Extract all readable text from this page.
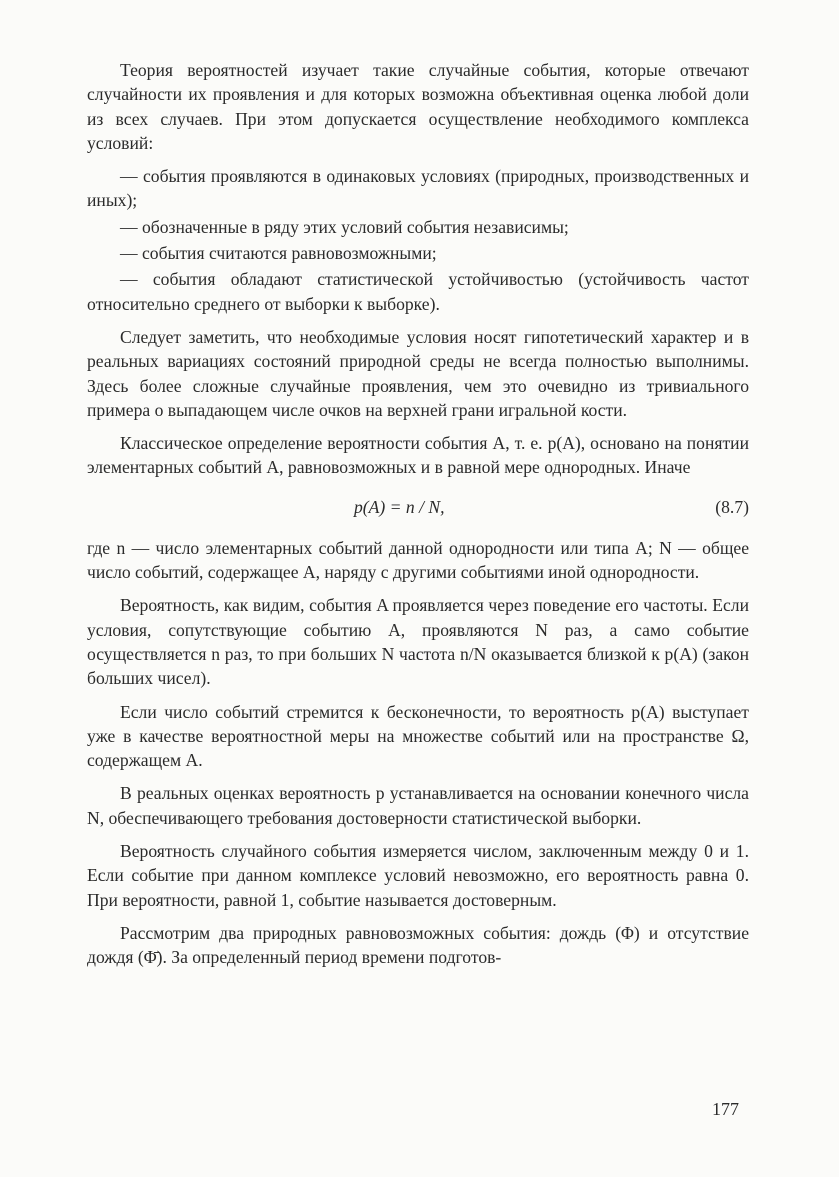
Теория вероятностей изучает такие случайные события, которые отвечают случайности их проявления и для которых возможна объективная оценка любой доли из всех случаев. При этом допускается осуществление необходимого комплекса условий:

— события проявляются в одинаковых условиях (природных, производственных и иных);

— обозначенные в ряду этих условий события независимы;

— события считаются равновозможными;

— события обладают статистической устойчивостью (устойчивость частот относительно среднего от выборки к выборке).

Следует заметить, что необходимые условия носят гипотетический характер и в реальных вариациях состояний природной среды не всегда полностью выполнимы. Здесь более сложные случайные проявления, чем это очевидно из тривиального примера о выпадающем числе очков на верхней грани игральной кости.

Классическое определение вероятности события A, т. е. p(A), основано на понятии элементарных событий A, равновозможных и в равной мере однородных. Иначе

p(A) = n / N,	(8.7)

где n — число элементарных событий данной однородности или типа A; N — общее число событий, содержащее A, наряду с другими событиями иной однородности.

Вероятность, как видим, события A проявляется через поведение его частоты. Если условия, сопутствующие событию A, проявляются N раз, а само событие осуществляется n раз, то при больших N частота n/N оказывается близкой к p(A) (закон больших чисел).

Если число событий стремится к бесконечности, то вероятность p(A) выступает уже в качестве вероятностной меры на множестве событий или на пространстве Ω, содержащем A.

В реальных оценках вероятность p устанавливается на основании конечного числа N, обеспечивающего требования достоверности статистической выборки.

Вероятность случайного события измеряется числом, заключенным между 0 и 1. Если событие при данном комплексе условий невозможно, его вероятность равна 0. При вероятности, равной 1, событие называется достоверным.

Рассмотрим два природных равновозможных события: дождь (Φ) и отсутствие дождя (Φ̄). За определенный период времени подготов-

177
